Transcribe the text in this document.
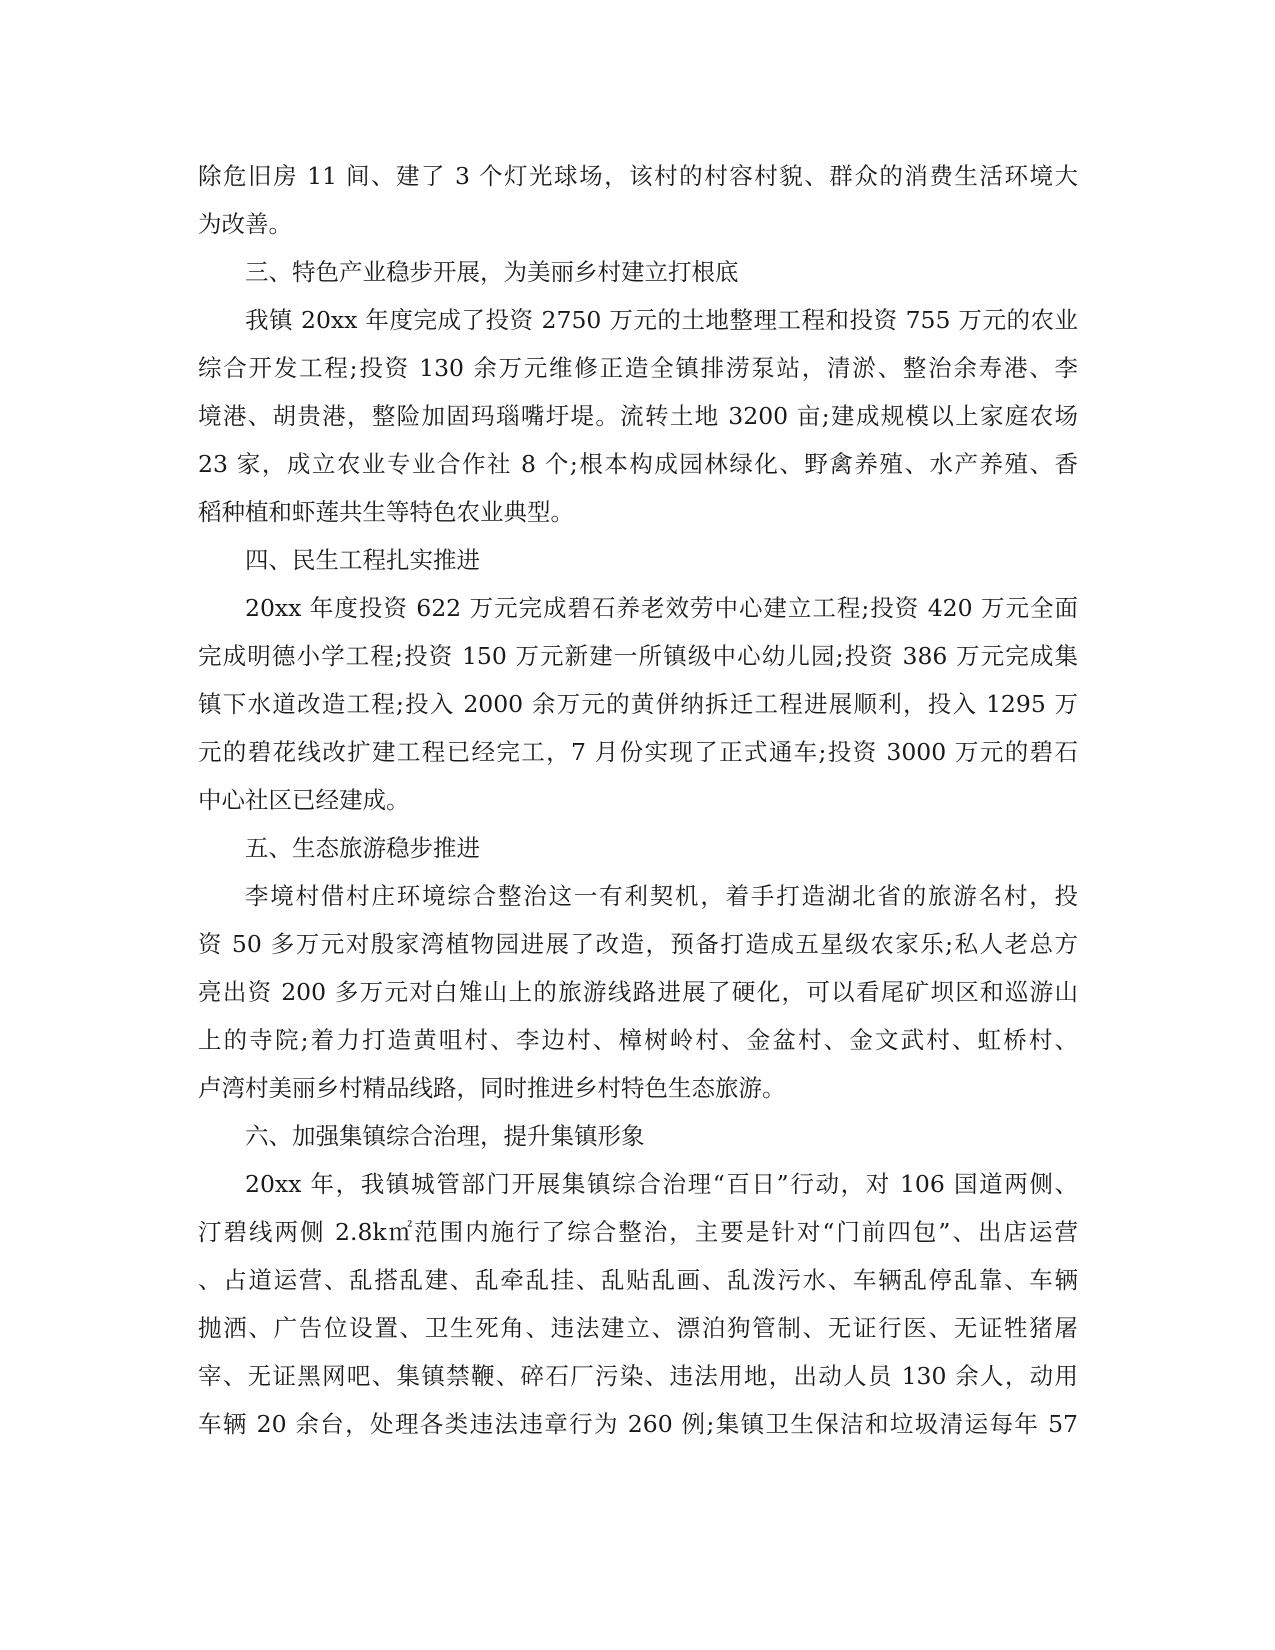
除危旧房 11 间、建了 3 个灯光球场，该村的村容村貌、群众的消费生活环境大
为改善。
三、特色产业稳步开展，为美丽乡村建立打根底
我镇 20xx 年度完成了投资 2750 万元的土地整理工程和投资 755 万元的农业
综合开发工程;投资 130 余万元维修正造全镇排涝泵站，清淤、整治余寿港、李
境港、胡贵港，整险加固玛瑙嘴圩堤。流转土地 3200 亩;建成规模以上家庭农场
23 家，成立农业专业合作社 8 个;根本构成园林绿化、野禽养殖、水产养殖、香
稻种植和虾莲共生等特色农业典型。
四、民生工程扎实推进
20xx 年度投资 622 万元完成碧石养老效劳中心建立工程;投资 420 万元全面
完成明德小学工程;投资 150 万元新建一所镇级中心幼儿园;投资 386 万元完成集
镇下水道改造工程;投入 2000 余万元的黄併纳拆迁工程进展顺利，投入 1295 万
元的碧花线改扩建工程已经完工，7 月份实现了正式通车;投资 3000 万元的碧石
中心社区已经建成。
五、生态旅游稳步推进
李境村借村庄环境综合整治这一有利契机，着手打造湖北省的旅游名村，投
资 50 多万元对殷家湾植物园进展了改造，预备打造成五星级农家乐;私人老总方
亮出资 200 多万元对白雉山上的旅游线路进展了硬化，可以看尾矿坝区和巡游山
上的寺院;着力打造黄咀村、李边村、樟树岭村、金盆村、金文武村、虹桥村、
卢湾村美丽乡村精品线路，同时推进乡村特色生态旅游。
六、加强集镇综合治理，提升集镇形象
20xx 年，我镇城管部门开展集镇综合治理“百日”行动，对 106 国道两侧、
汀碧线两侧 2.8k㎡范围内施行了综合整治，主要是针对“门前四包”、出店运营
、占道运营、乱搭乱建、乱牵乱挂、乱贴乱画、乱泼污水、车辆乱停乱靠、车辆
抛洒、广告位设置、卫生死角、违法建立、漂泊狗管制、无证行医、无证牲猪屠
宰、无证黑网吧、集镇禁鞭、碎石厂污染、违法用地，出动人员 130 余人，动用
车辆 20 余台，处理各类违法违章行为 260 例;集镇卫生保洁和垃圾清运每年 57
